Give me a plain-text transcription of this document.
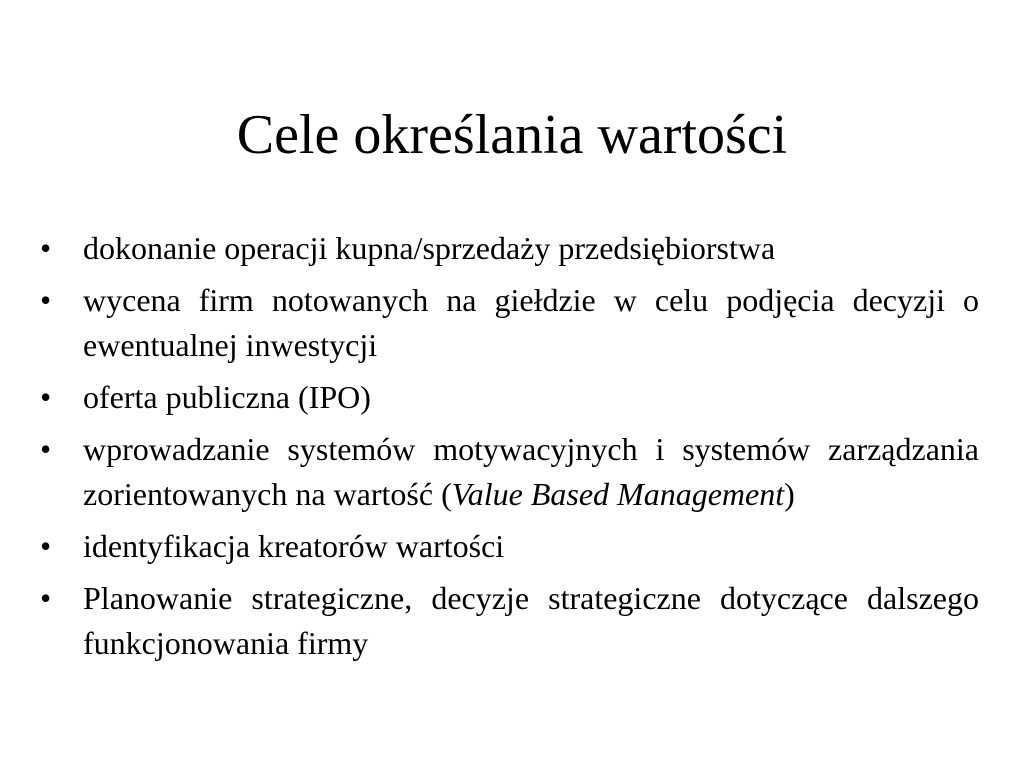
Cele określania wartości
• dokonanie operacji kupna/sprzedaży przedsiębiorstwa
• wycena firm notowanych na giełdzie w celu podjęcia decyzji o ewentualnej inwestycji
• oferta publiczna (IPO)
• wprowadzanie systemów motywacyjnych i systemów zarządzania zorientowanych na wartość (Value Based Management)
• identyfikacja kreatorów wartości
• Planowanie strategiczne, decyzje strategiczne dotyczące dalszego funkcjonowania firmy
